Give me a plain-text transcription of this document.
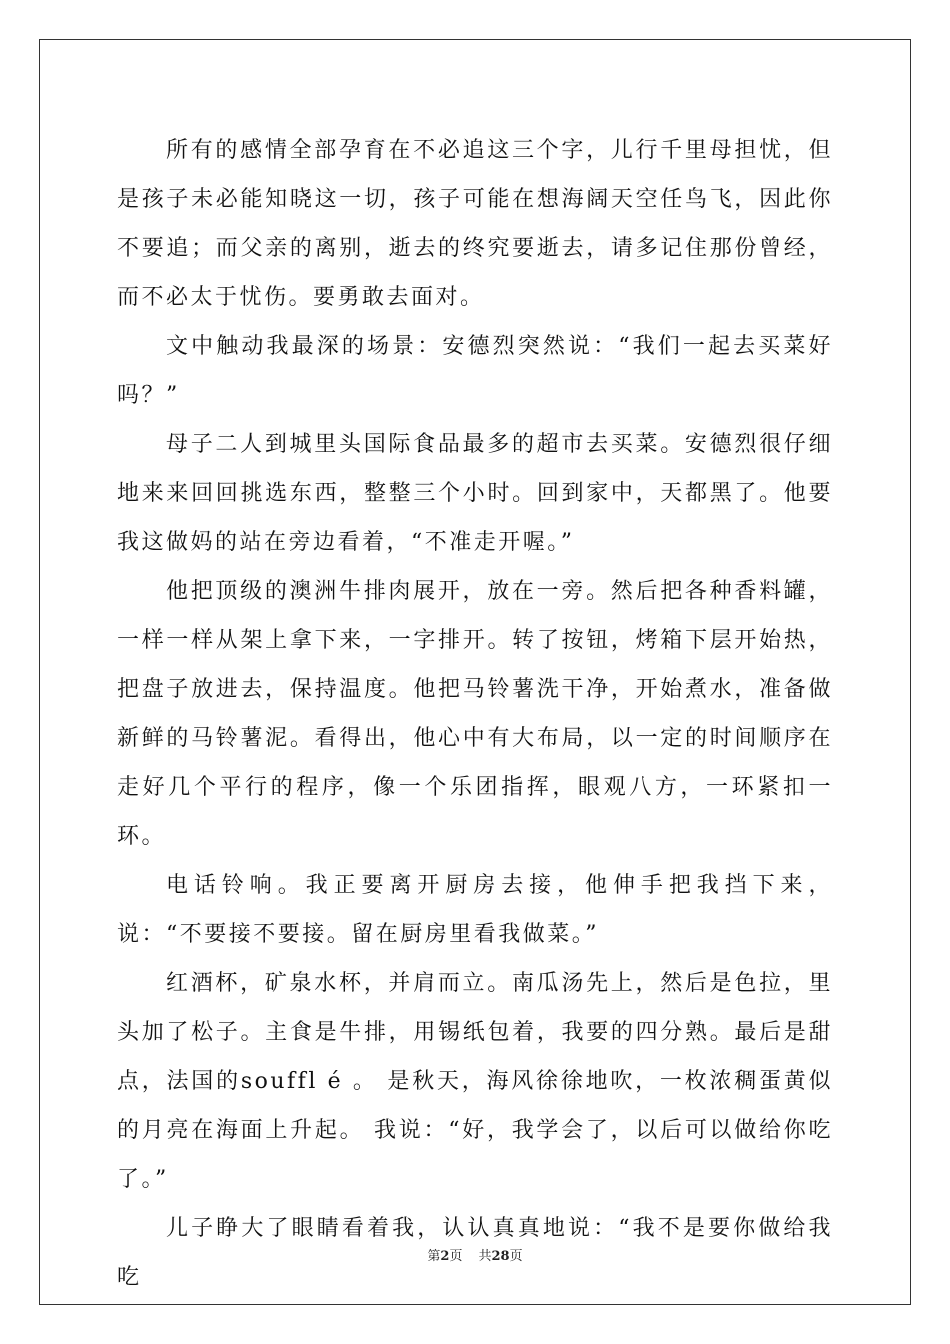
所有的感情全部孕育在不必追这三个字，儿行千里母担忧，但是孩子未必能知晓这一切，孩子可能在想海阔天空任鸟飞，因此你不要追；而父亲的离别，逝去的终究要逝去，请多记住那份曾经，而不必太于忧伤。要勇敢去面对。

文中触动我最深的场景：安德烈突然说：“我们一起去买菜好吗？”

母子二人到城里头国际食品最多的超市去买菜。安德烈很仔细地来来回回挑选东西，整整三个小时。回到家中，天都黑了。他要我这做妈的站在旁边看着，“不准走开喔。”

他把顶级的澳洲牛排肉展开，放在一旁。然后把各种香料罐，一样一样从架上拿下来，一字排开。转了按钮，烤箱下层开始热，把盘子放进去，保持温度。他把马铃薯洗干净，开始煮水，准备做新鲜的马铃薯泥。看得出，他心中有大布局，以一定的时间顺序在走好几个平行的程序，像一个乐团指挥，眼观八方，一环紧扣一环。

电话铃响。我正要离开厨房去接，他伸手把我挡下来，说：“不要接不要接。留在厨房里看我做菜。”

红酒杯，矿泉水杯，并肩而立。南瓜汤先上，然后是色拉，里头加了松子。主食是牛排，用锡纸包着，我要的四分熟。最后是甜点，法国的souffl é 。 是秋天，海风徐徐地吹，一枚浓稠蛋黄似的月亮在海面上升起。 我说：“好，我学会了，以后可以做给你吃了。”

儿子睁大了眼睛看着我，认认真真地说：“我不是要你做给我吃

第2页 共28页
